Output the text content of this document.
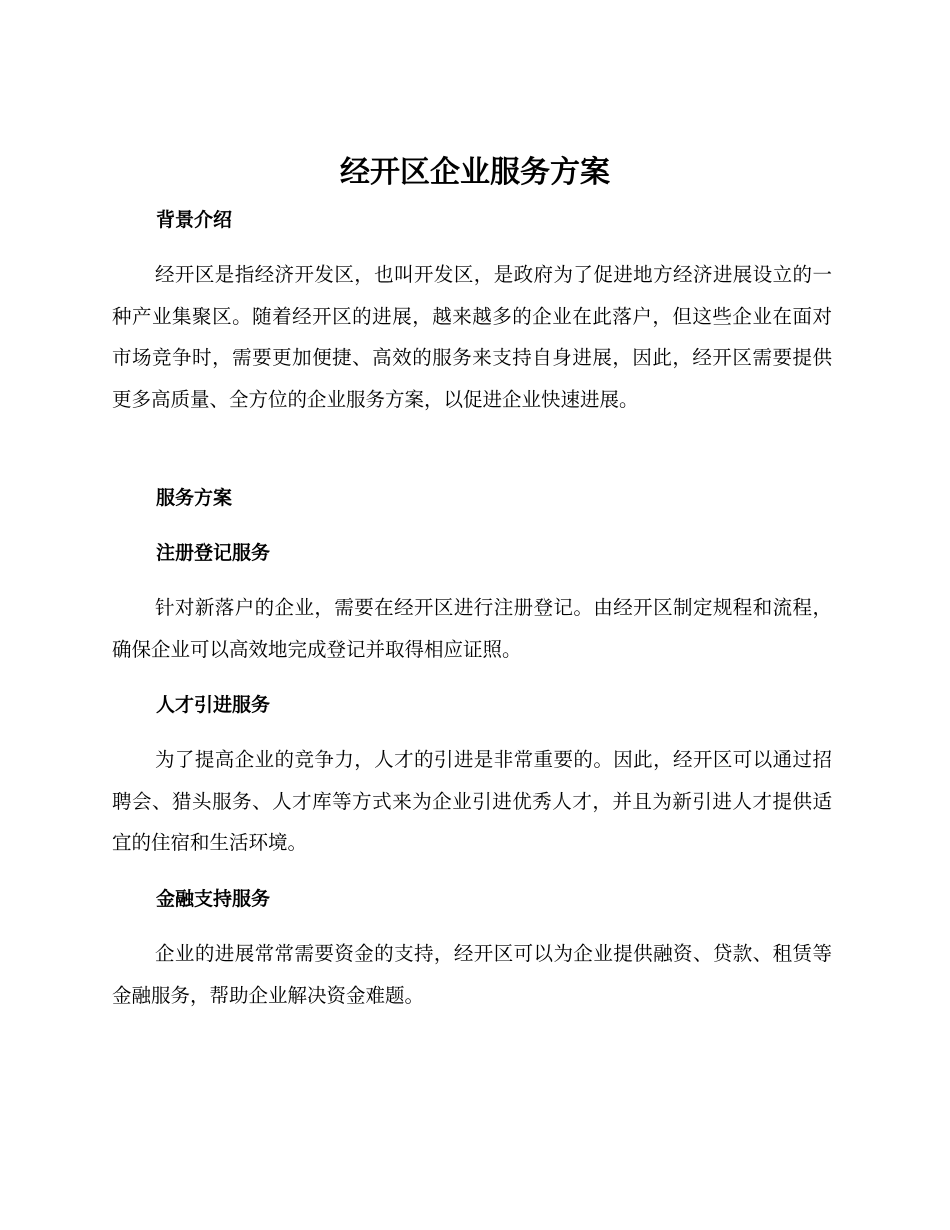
经开区企业服务方案
背景介绍

经开区是指经济开发区，也叫开发区，是政府为了促进地方经济进展设立的一种产业集聚区。随着经开区的进展，越来越多的企业在此落户，但这些企业在面对市场竞争时，需要更加便捷、高效的服务来支持自身进展，因此，经开区需要提供更多高质量、全方位的企业服务方案，以促进企业快速进展。

服务方案
注册登记服务

针对新落户的企业，需要在经开区进行注册登记。由经开区制定规程和流程，确保企业可以高效地完成登记并取得相应证照。

人才引进服务

为了提高企业的竞争力，人才的引进是非常重要的。因此，经开区可以通过招聘会、猎头服务、人才库等方式来为企业引进优秀人才，并且为新引进人才提供适宜的住宿和生活环境。

金融支持服务

企业的进展常常需要资金的支持，经开区可以为企业提供融资、贷款、租赁等金融服务，帮助企业解决资金难题。
